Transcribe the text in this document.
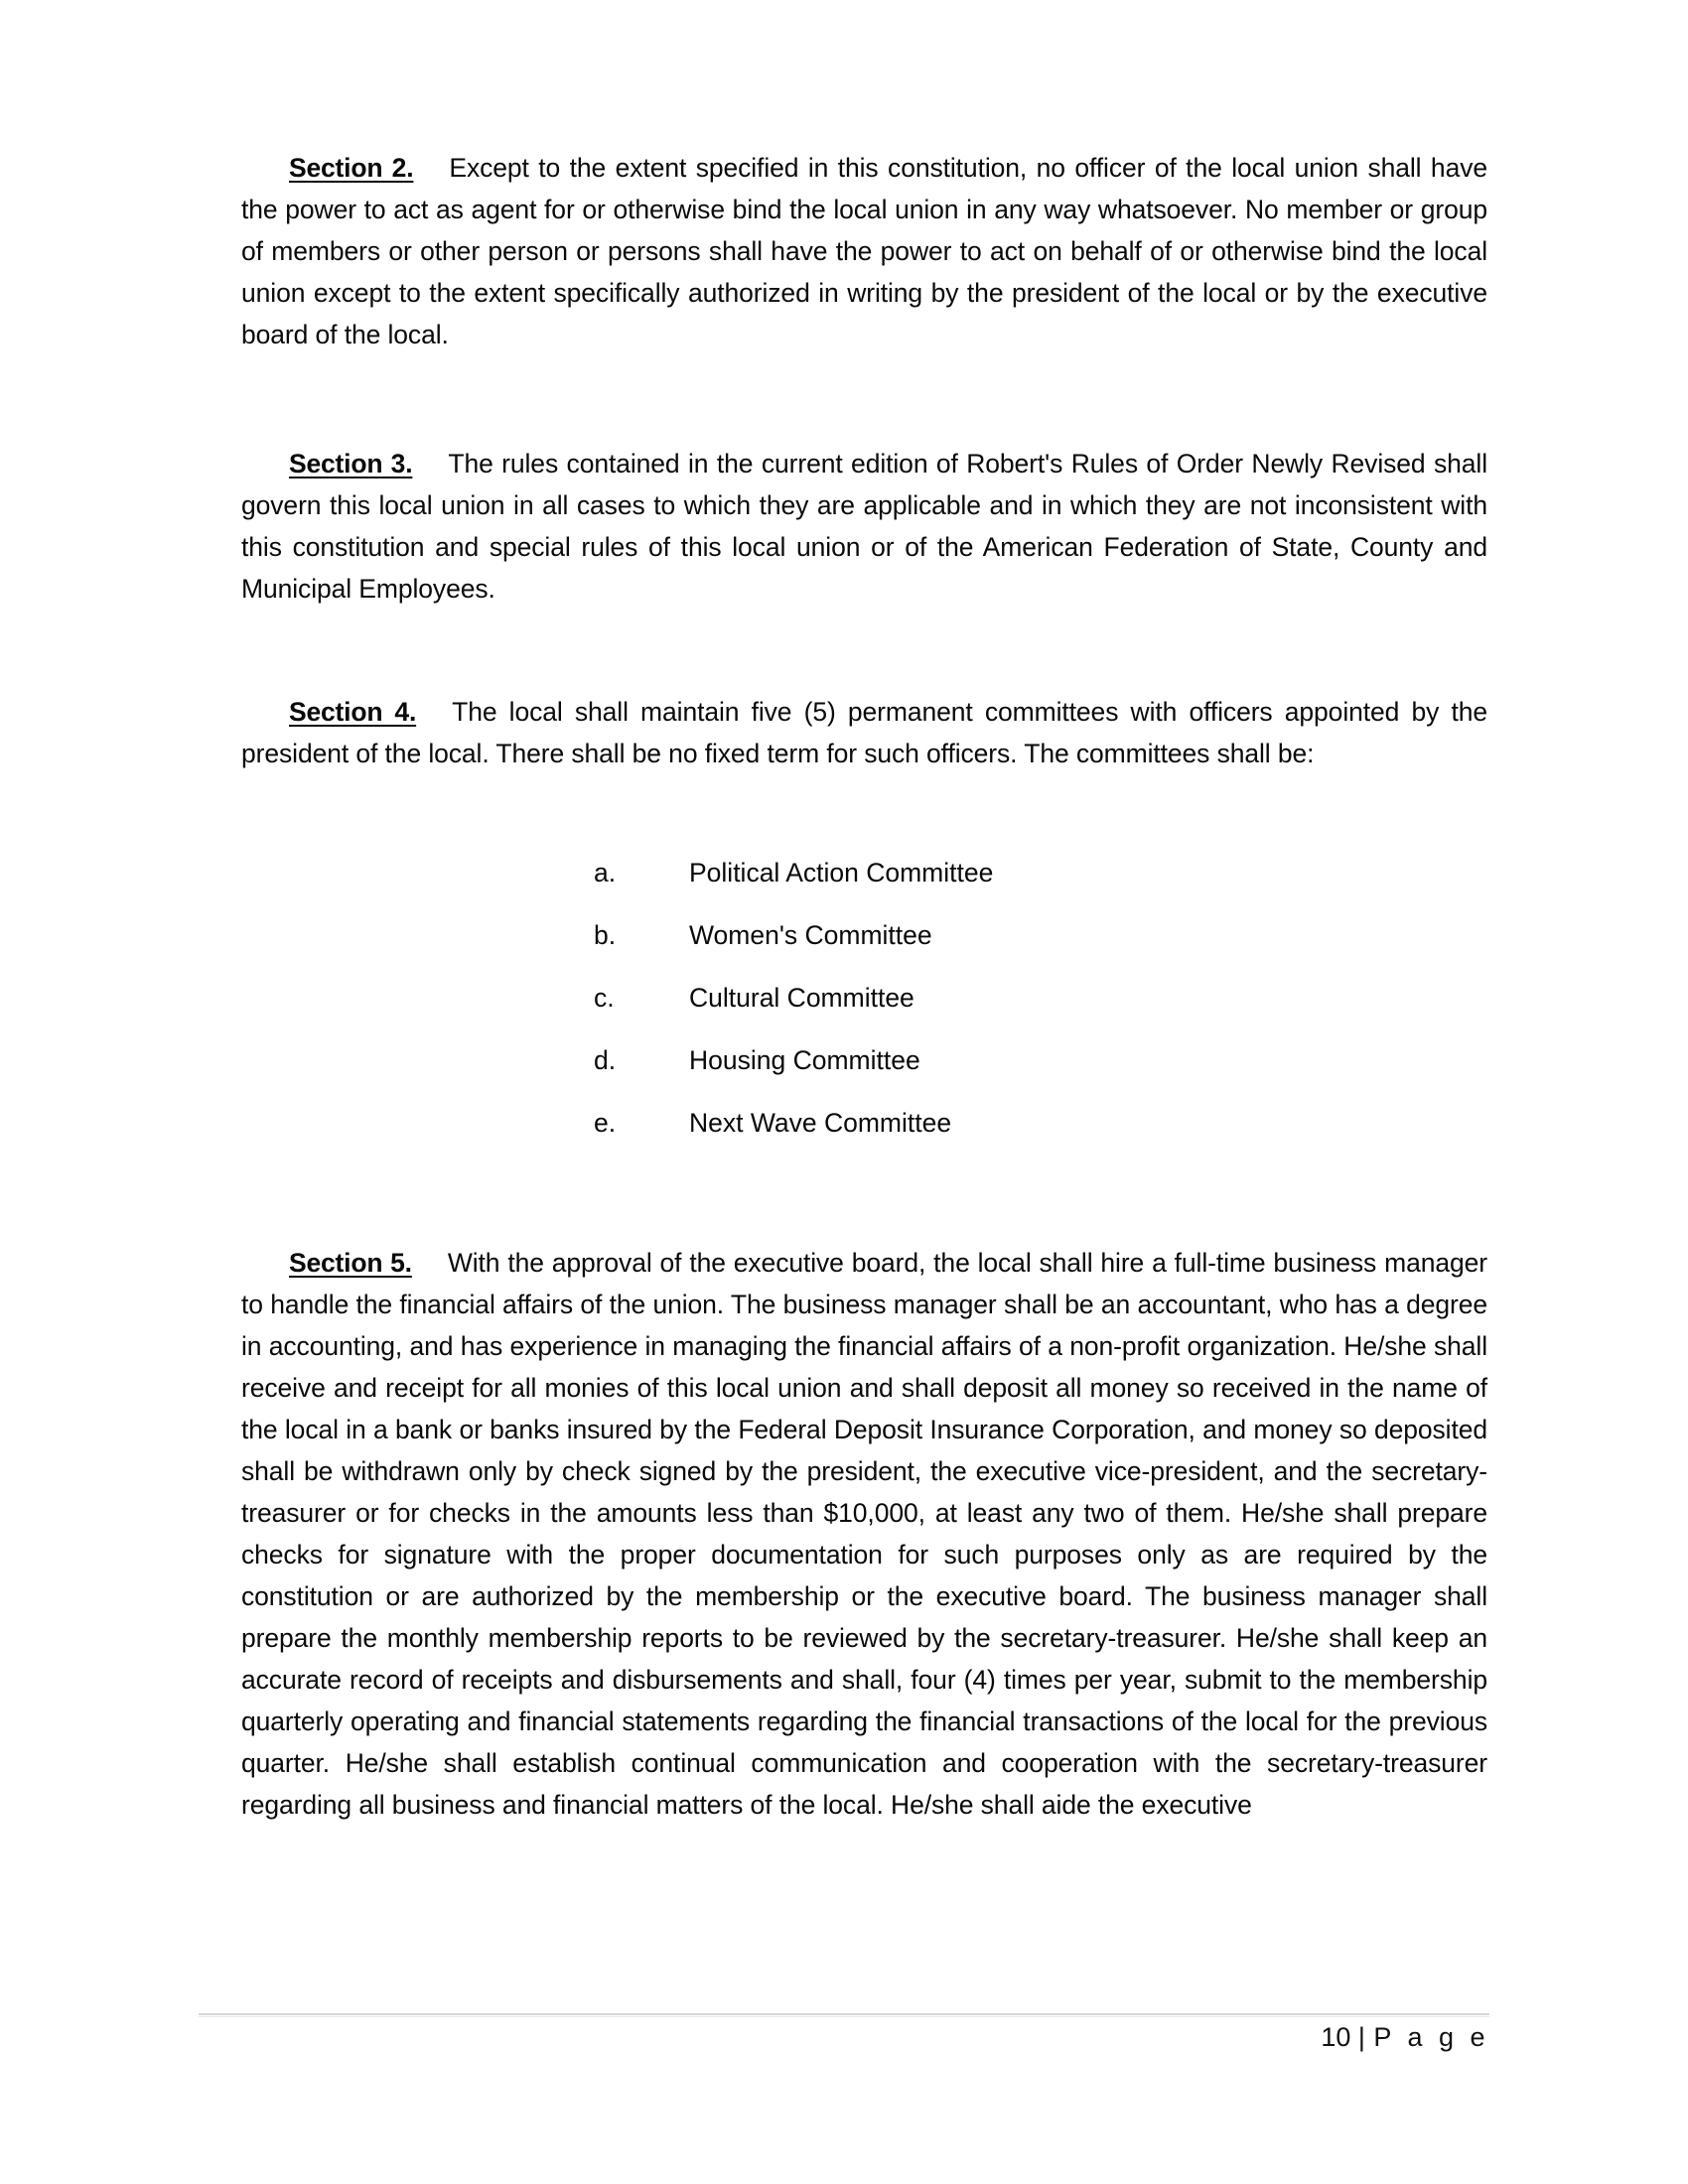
Section 2. Except to the extent specified in this constitution, no officer of the local union shall have the power to act as agent for or otherwise bind the local union in any way whatsoever. No member or group of members or other person or persons shall have the power to act on behalf of or otherwise bind the local union except to the extent specifically authorized in writing by the president of the local or by the executive board of the local.

Section 3. The rules contained in the current edition of Robert's Rules of Order Newly Revised shall govern this local union in all cases to which they are applicable and in which they are not inconsistent with this constitution and special rules of this local union or of the American Federation of State, County and Municipal Employees.

Section 4. The local shall maintain five (5) permanent committees with officers appointed by the president of the local. There shall be no fixed term for such officers. The committees shall be:

a.	Political Action Committee
b.	Women's Committee
c.	Cultural Committee
d.	Housing Committee
e.	Next Wave Committee

Section 5. With the approval of the executive board, the local shall hire a full-time business manager to handle the financial affairs of the union. The business manager shall be an accountant, who has a degree in accounting, and has experience in managing the financial affairs of a non-profit organization. He/she shall receive and receipt for all monies of this local union and shall deposit all money so received in the name of the local in a bank or banks insured by the Federal Deposit Insurance Corporation, and money so deposited shall be withdrawn only by check signed by the president, the executive vice-president, and the secretary-treasurer or for checks in the amounts less than $10,000, at least any two of them. He/she shall prepare checks for signature with the proper documentation for such purposes only as are required by the constitution or are authorized by the membership or the executive board. The business manager shall prepare the monthly membership reports to be reviewed by the secretary-treasurer. He/she shall keep an accurate record of receipts and disbursements and shall, four (4) times per year, submit to the membership quarterly operating and financial statements regarding the financial transactions of the local for the previous quarter. He/she shall establish continual communication and cooperation with the secretary-treasurer regarding all business and financial matters of the local. He/she shall aide the executive

10 | P a g e
